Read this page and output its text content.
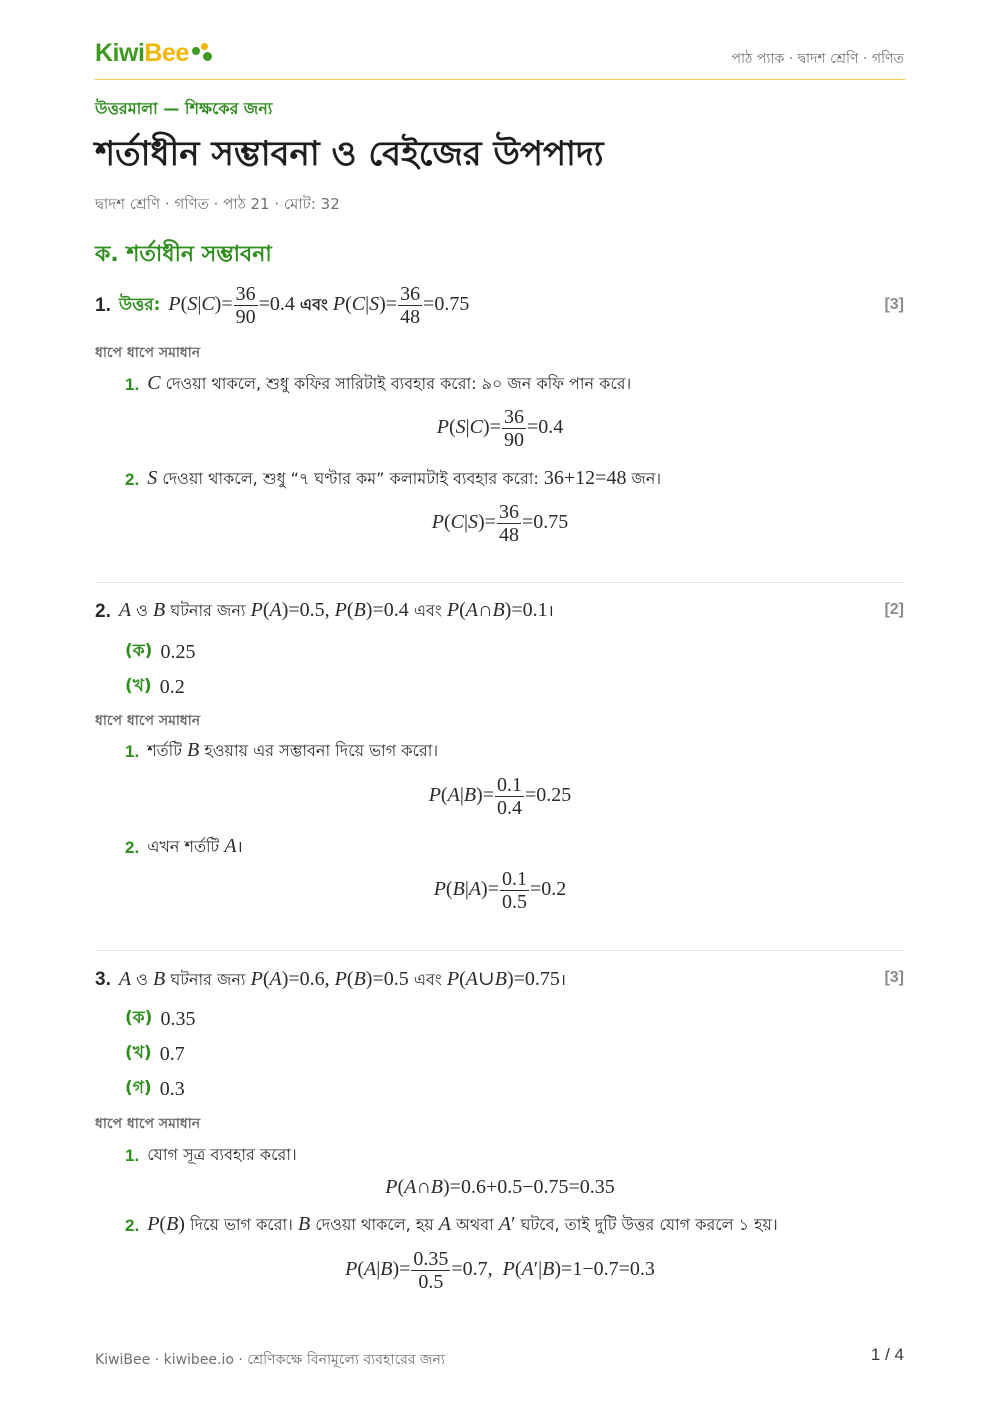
KiwiBee	পাঠ প্যাক · দ্বাদশ শ্রেণি · গণিত
উত্তরমালা — শিক্ষকের জন্য
শর্তাধীন সম্ভাবনা ও বেইজের উপপাদ্য
দ্বাদশ শ্রেণি · গণিত · পাঠ 21 · মোট: 32
ক. শর্তাধীন সম্ভাবনা
1. উত্তর: $P(S|C)= \frac{36}{90} =0.4$ এবং $P(C|S)= \frac{36}{48} =0.75$	[3]
ধাপে ধাপে সমাধান
1. C দেওয়া থাকলে, শুধু কফির সারিটাই ব্যবহার করো: ৯০ জন কফি পান করে।
$P(S|C)= \frac{36}{90} =0.4$
2. S দেওয়া থাকলে, শুধু “৭ ঘণ্টার কম” কলামটাই ব্যবহার করো: 36+12=48 জন।
$P(C|S)= \frac{36}{48} =0.75$
2. A ও B ঘটনার জন্য P(A)=0.5, P(B)=0.4 এবং P(A∩B)=0.1।	[2]
(ক) 0.25
(খ) 0.2
ধাপে ধাপে সমাধান
1. শর্তটি B হওয়ায় এর সম্ভাবনা দিয়ে ভাগ করো।
$P(A|B)= \frac{0.1}{0.4} =0.25$
2. এখন শর্তটি A।
$P(B|A)= \frac{0.1}{0.5} =0.2$
3. A ও B ঘটনার জন্য P(A)=0.6, P(B)=0.5 এবং P(A∪B)=0.75।	[3]
(ক) 0.35
(খ) 0.7
(গ) 0.3
ধাপে ধাপে সমাধান
1. যোগ সূত্র ব্যবহার করো।
P(A∩B)=0.6+0.5−0.75=0.35
2. P(B) দিয়ে ভাগ করো। B দেওয়া থাকলে, হয় A অথবা A′ ঘটবে, তাই দুটি উত্তর যোগ করলে ১ হয়।
$P(A|B)= \frac{0.35}{0.5} =0.7$,  P(A′|B)=1−0.7=0.3
KiwiBee · kiwibee.io · শ্রেণিকক্ষে বিনামূল্যে ব্যবহারের জন্য	1 / 4
